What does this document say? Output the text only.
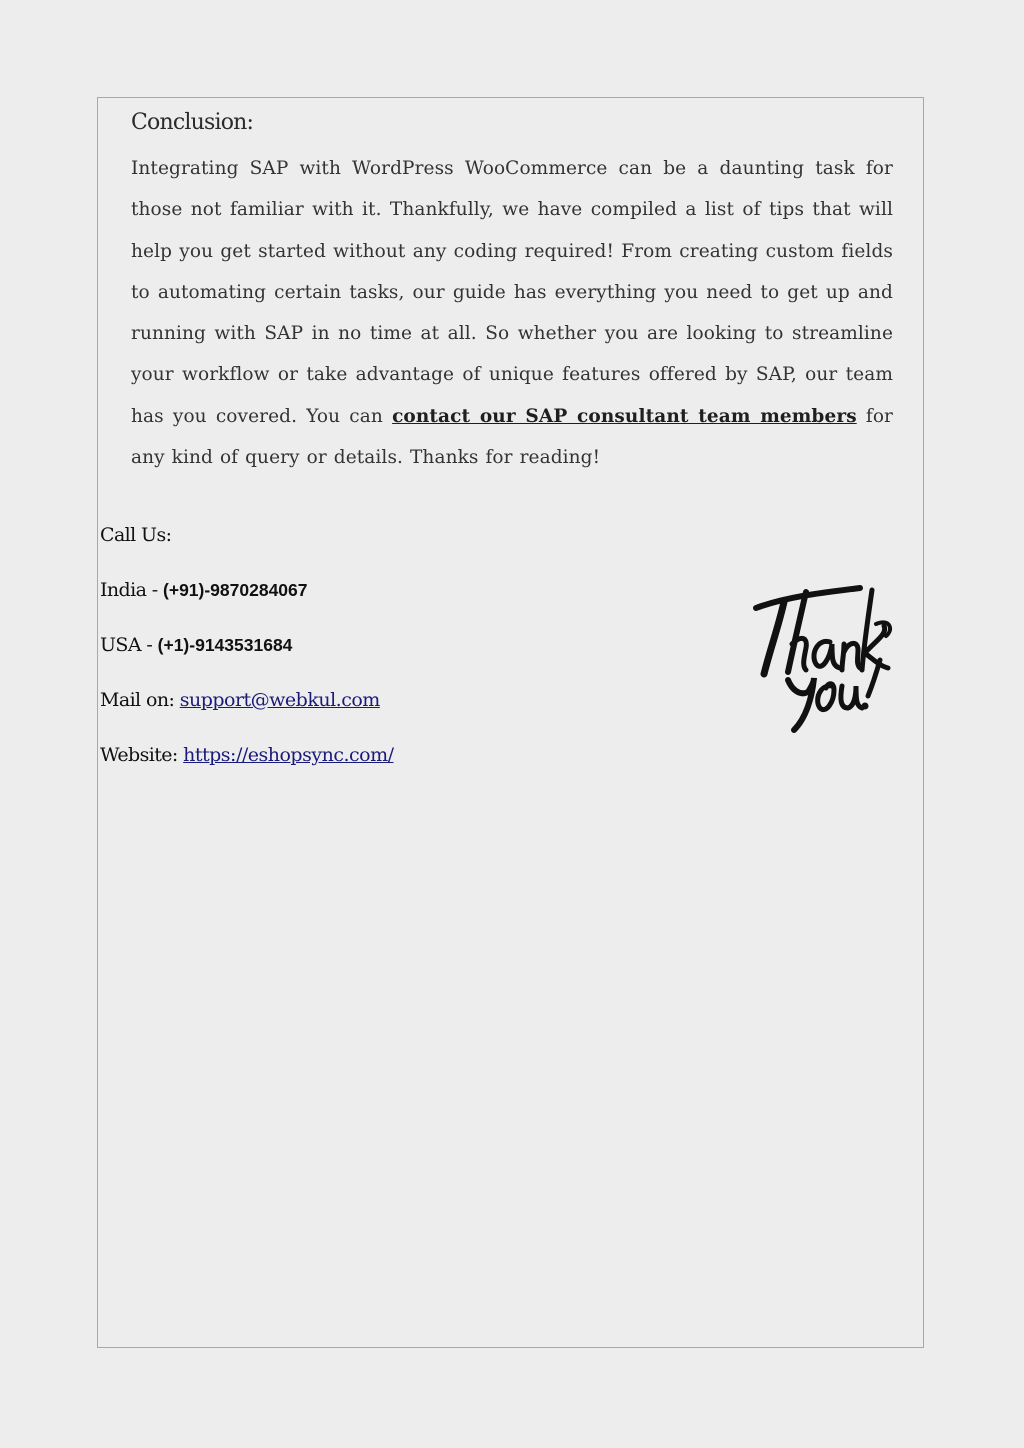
Conclusion:

Integrating SAP with WordPress WooCommerce can be a daunting task for those not familiar with it. Thankfully, we have compiled a list of tips that will help you get started without any coding required! From creating custom fields to automating certain tasks, our guide has everything you need to get up and running with SAP in no time at all. So whether you are looking to streamline your workflow or take advantage of unique features offered by SAP, our team has you covered. You can contact our SAP consultant team members for any kind of query or details. Thanks for reading!

Call Us:
India - (+91)-9870284067
USA - (+1)-9143531684
Mail on: support@webkul.com
Website: https://eshopsync.com/
